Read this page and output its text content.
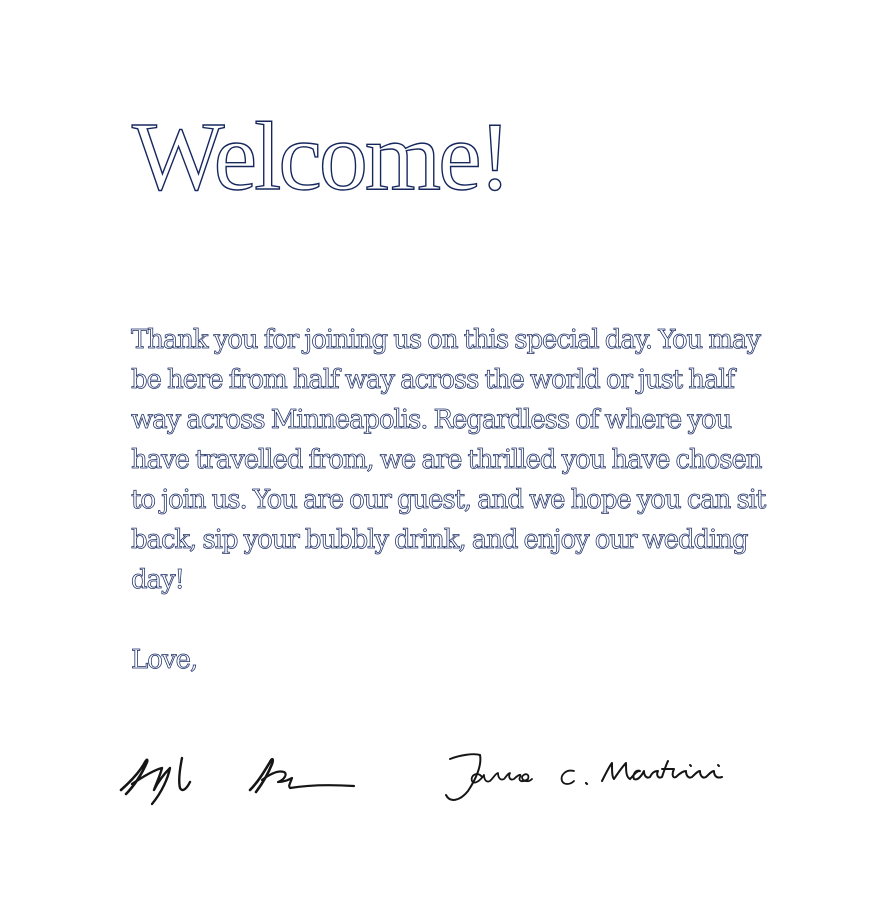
Welcome!

Thank you for joining us on this special day. You may be here from half way across the world or just half way across Minneapolis. Regardless of where you have travelled from, we are thrilled you have chosen to join us. You are our guest, and we hope you can sit back, sip your bubbly drink, and enjoy our wedding day!

Love,
